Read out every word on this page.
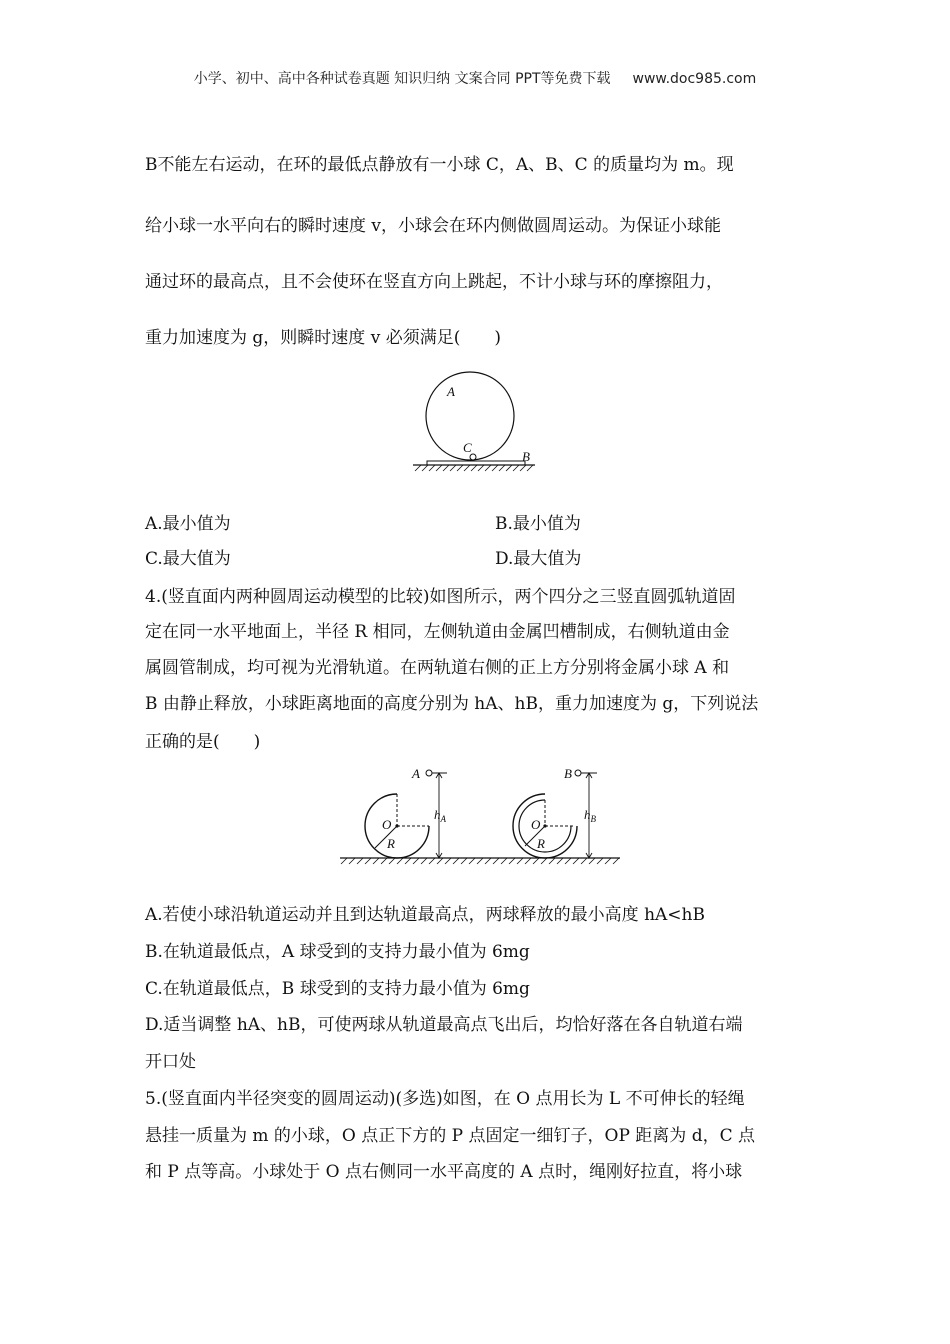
小学、初中、高中各种试卷真题 知识归纳 文案合同 PPT等免费下载 www.doc985.com
B不能左右运动，在环的最低点静放有一小球 C，A、B、C 的质量均为 m。现
给小球一水平向右的瞬时速度 v，小球会在环内侧做圆周运动。为保证小球能
通过环的最高点，且不会使环在竖直方向上跳起，不计小球与环的摩擦阻力，
重力加速度为 g，则瞬时速度 v 必须满足(　　)
A
C
B
A.最小值为	B.最小值为
C.最大值为	D.最大值为
4.(竖直面内两种圆周运动模型的比较)如图所示，两个四分之三竖直圆弧轨道固
定在同一水平地面上，半径 R 相同，左侧轨道由金属凹槽制成，右侧轨道由金
属圆管制成，均可视为光滑轨道。在两轨道右侧的正上方分别将金属小球 A 和
B 由静止释放，小球距离地面的高度分别为 hA、hB，重力加速度为 g，下列说法
正确的是(　　)
A
O
R
$h_A$
B
O
R
$h_B$
A.若使小球沿轨道运动并且到达轨道最高点，两球释放的最小高度 hA<hB
B.在轨道最低点，A 球受到的支持力最小值为 6mg
C.在轨道最低点，B 球受到的支持力最小值为 6mg
D.适当调整 hA、hB，可使两球从轨道最高点飞出后，均恰好落在各自轨道右端
开口处
5.(竖直面内半径突变的圆周运动)(多选)如图，在 O 点用长为 L 不可伸长的轻绳
悬挂一质量为 m 的小球，O 点正下方的 P 点固定一细钉子，OP 距离为 d，C 点
和 P 点等高。小球处于 O 点右侧同一水平高度的 A 点时，绳刚好拉直，将小球
